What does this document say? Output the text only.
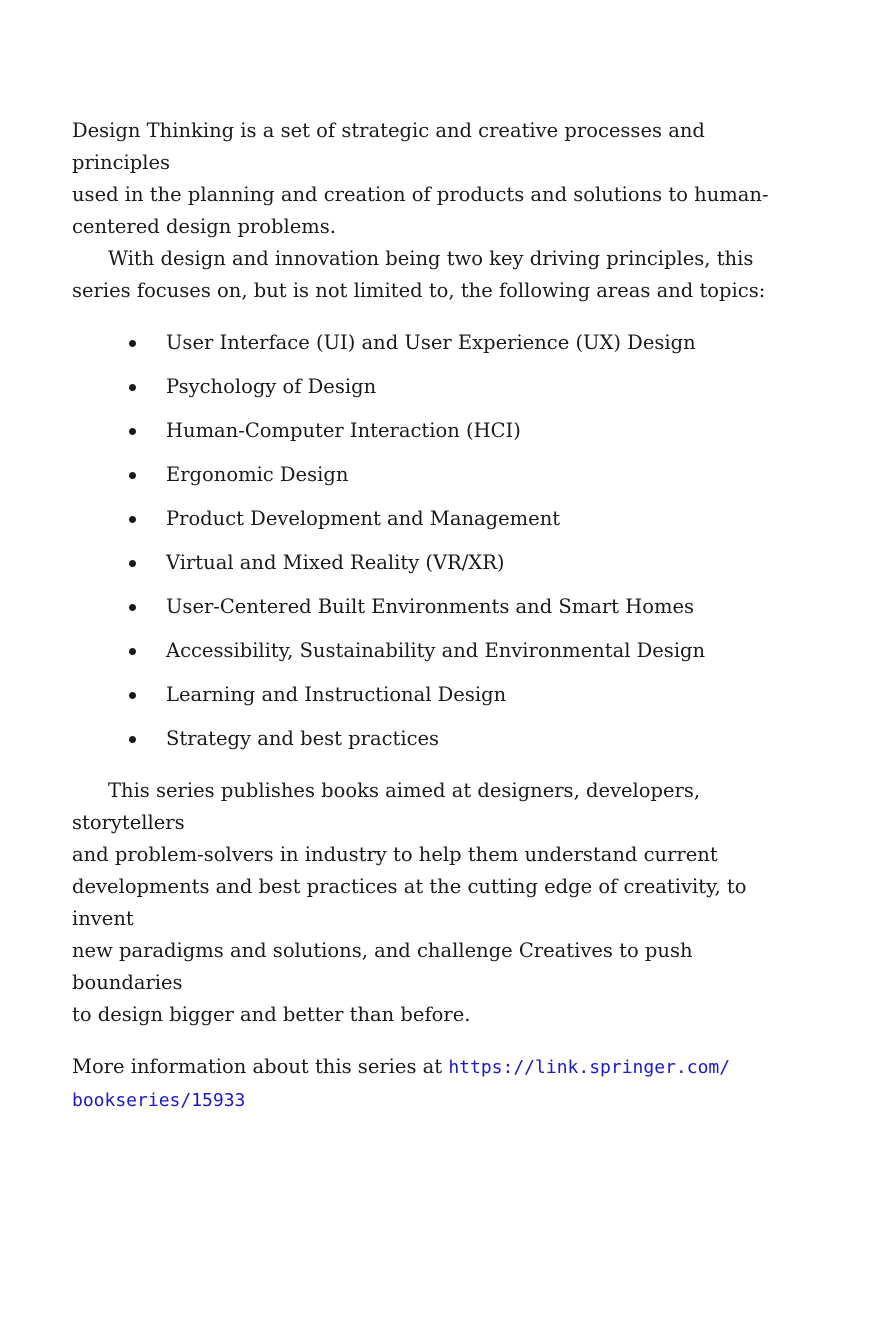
Design Thinking is a set of strategic and creative processes and principles
used in the planning and creation of products and solutions to human-
centered design problems.

With design and innovation being two key driving principles, this
series focuses on, but is not limited to, the following areas and topics:

User Interface (UI) and User Experience (UX) Design
Psychology of Design
Human-Computer Interaction (HCI)
Ergonomic Design
Product Development and Management
Virtual and Mixed Reality (VR/XR)
User-Centered Built Environments and Smart Homes
Accessibility, Sustainability and Environmental Design
Learning and Instructional Design
Strategy and best practices

This series publishes books aimed at designers, developers, storytellers
and problem-solvers in industry to help them understand current
developments and best practices at the cutting edge of creativity, to invent
new paradigms and solutions, and challenge Creatives to push boundaries
to design bigger and better than before.

More information about this series at https://link.springer.com/
bookseries/15933
